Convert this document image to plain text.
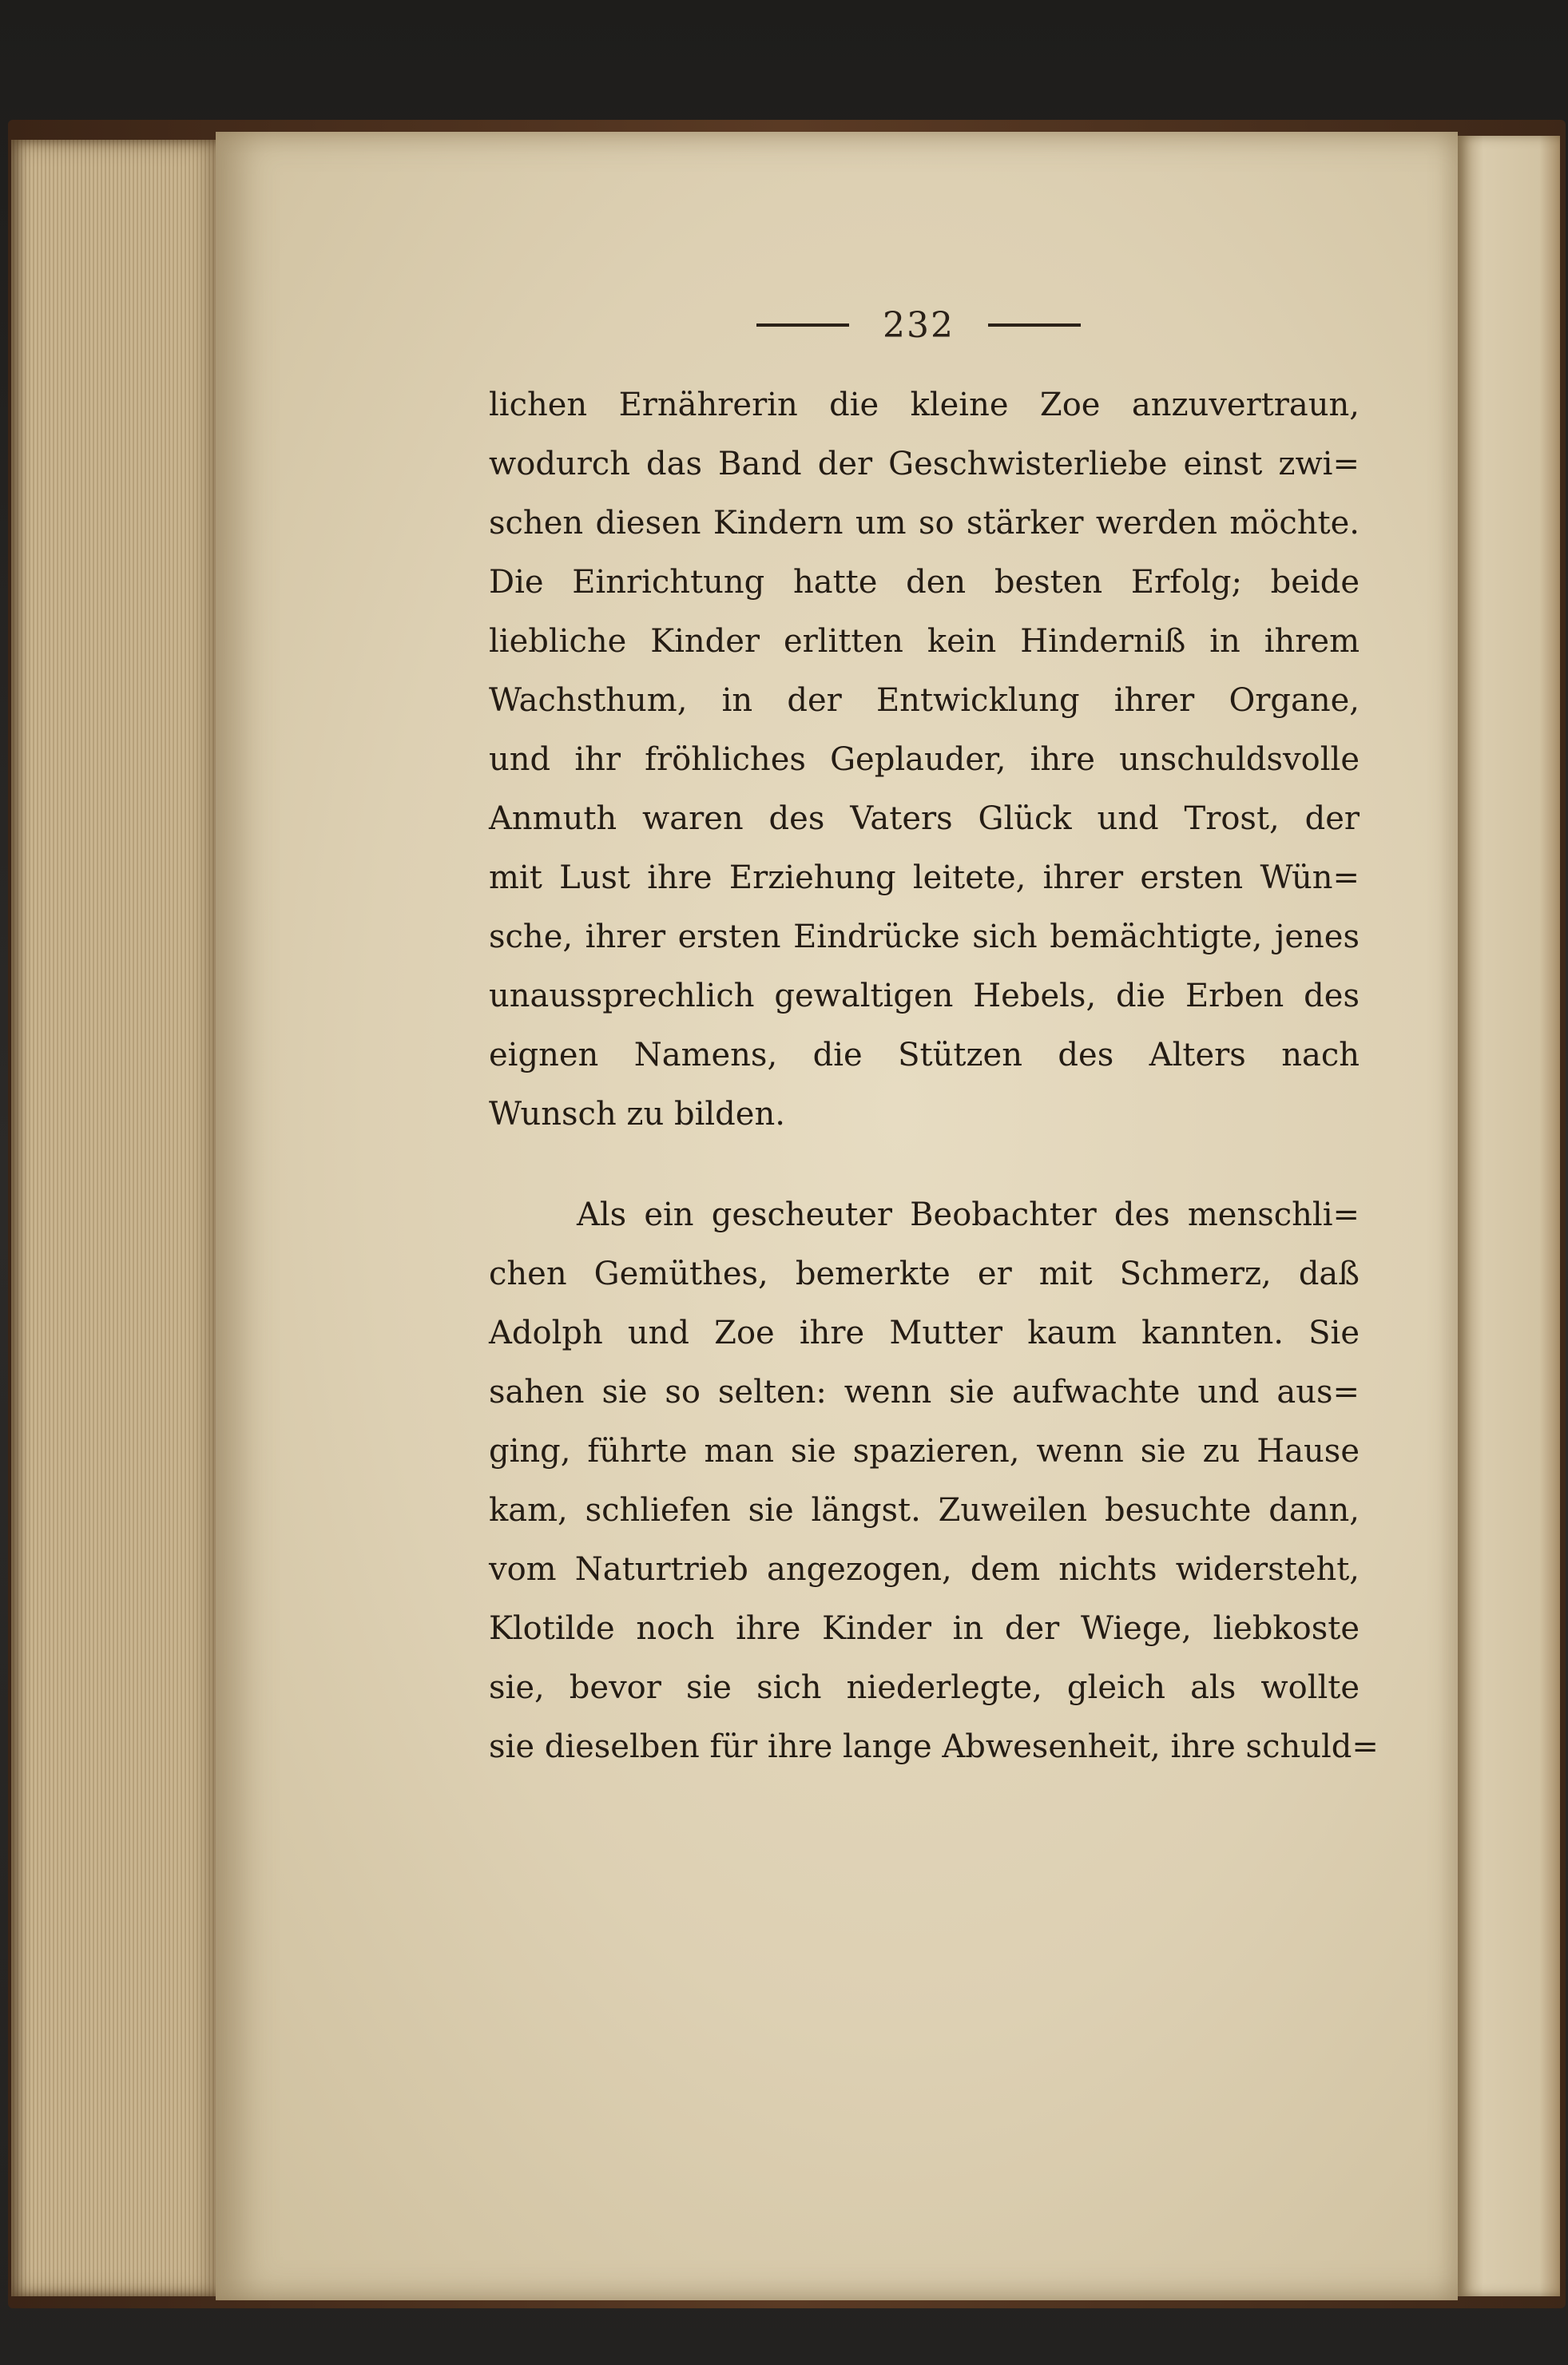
232
lichen Ernährerin die kleine Zoe anzuvertraun,
wodurch das Band der Geschwisterliebe einst zwi=
schen diesen Kindern um so stärker werden möchte.
Die Einrichtung hatte den besten Erfolg; beide
liebliche Kinder erlitten kein Hinderniß in ihrem
Wachsthum, in der Entwicklung ihrer Organe,
und ihr fröhliches Geplauder, ihre unschuldsvolle
Anmuth waren des Vaters Glück und Trost, der
mit Lust ihre Erziehung leitete, ihrer ersten Wün=
sche, ihrer ersten Eindrücke sich bemächtigte, jenes
unaussprechlich gewaltigen Hebels, die Erben des
eignen Namens, die Stützen des Alters nach
Wunsch zu bilden.
Als ein gescheuter Beobachter des menschli=
chen Gemüthes, bemerkte er mit Schmerz, daß
Adolph und Zoe ihre Mutter kaum kannten. Sie
sahen sie so selten: wenn sie aufwachte und aus=
ging, führte man sie spazieren, wenn sie zu Hause
kam, schliefen sie längst. Zuweilen besuchte dann,
vom Naturtrieb angezogen, dem nichts widersteht,
Klotilde noch ihre Kinder in der Wiege, liebkoste
sie, bevor sie sich niederlegte, gleich als wollte
sie dieselben für ihre lange Abwesenheit, ihre schuld=
